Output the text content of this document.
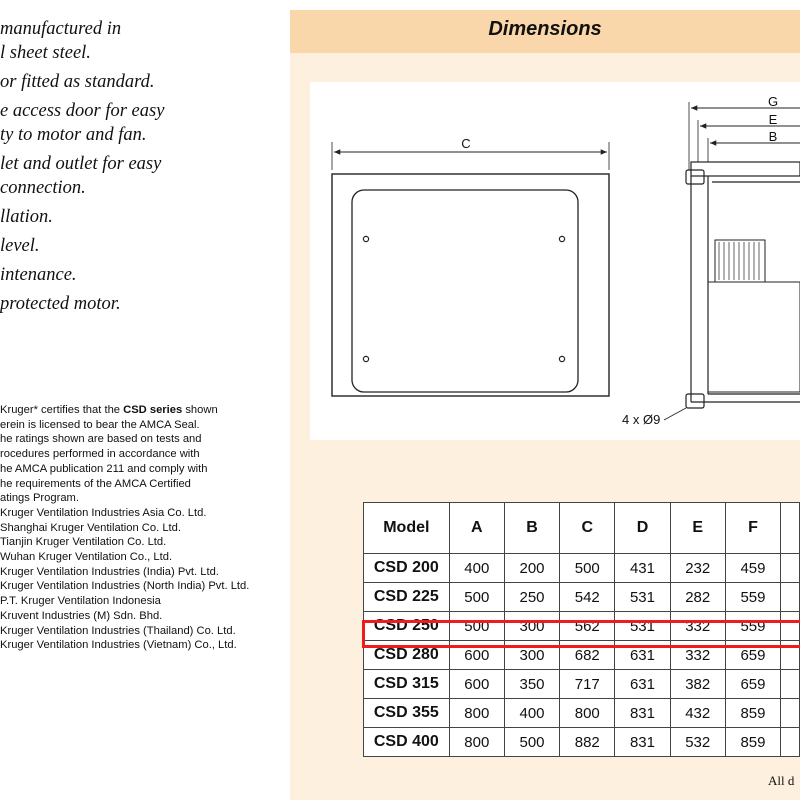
manufactured in
l sheet steel.
or fitted as standard.
e access door for easy
ty to motor and fan.
let and outlet for easy
connection.
llation.
level.
intenance.
protected motor.
Kruger* certifies that the CSD series shown
erein is licensed to bear the AMCA Seal.
he ratings shown are based on tests and
rocedures performed in accordance with
he AMCA publication 211 and comply with
he requirements of the AMCA Certified
atings Program.
Kruger Ventilation Industries Asia Co. Ltd.
Shanghai Kruger Ventilation Co. Ltd.
Tianjin Kruger Ventilation Co. Ltd.
Wuhan Kruger Ventilation Co., Ltd.
Kruger Ventilation Industries (India) Pvt. Ltd.
Kruger Ventilation Industries (North India) Pvt. Ltd.
P.T. Kruger Ventilation Indonesia
Kruvent Industries (M) Sdn. Bhd.
Kruger Ventilation Industries (Thailand) Co. Ltd.
Kruger Ventilation Industries (Vietnam) Co., Ltd.
Dimensions
C
G
E
B
4 x Ø9
Model	A	B	C	D	E	F	
CSD 200	400	200	500	431	232	459	
CSD 225	500	250	542	531	282	559	
CSD 250	500	300	562	531	332	559	
CSD 280	600	300	682	631	332	659	
CSD 315	600	350	717	631	382	659	
CSD 355	800	400	800	831	432	859	
CSD 400	800	500	882	831	532	859	
All d
